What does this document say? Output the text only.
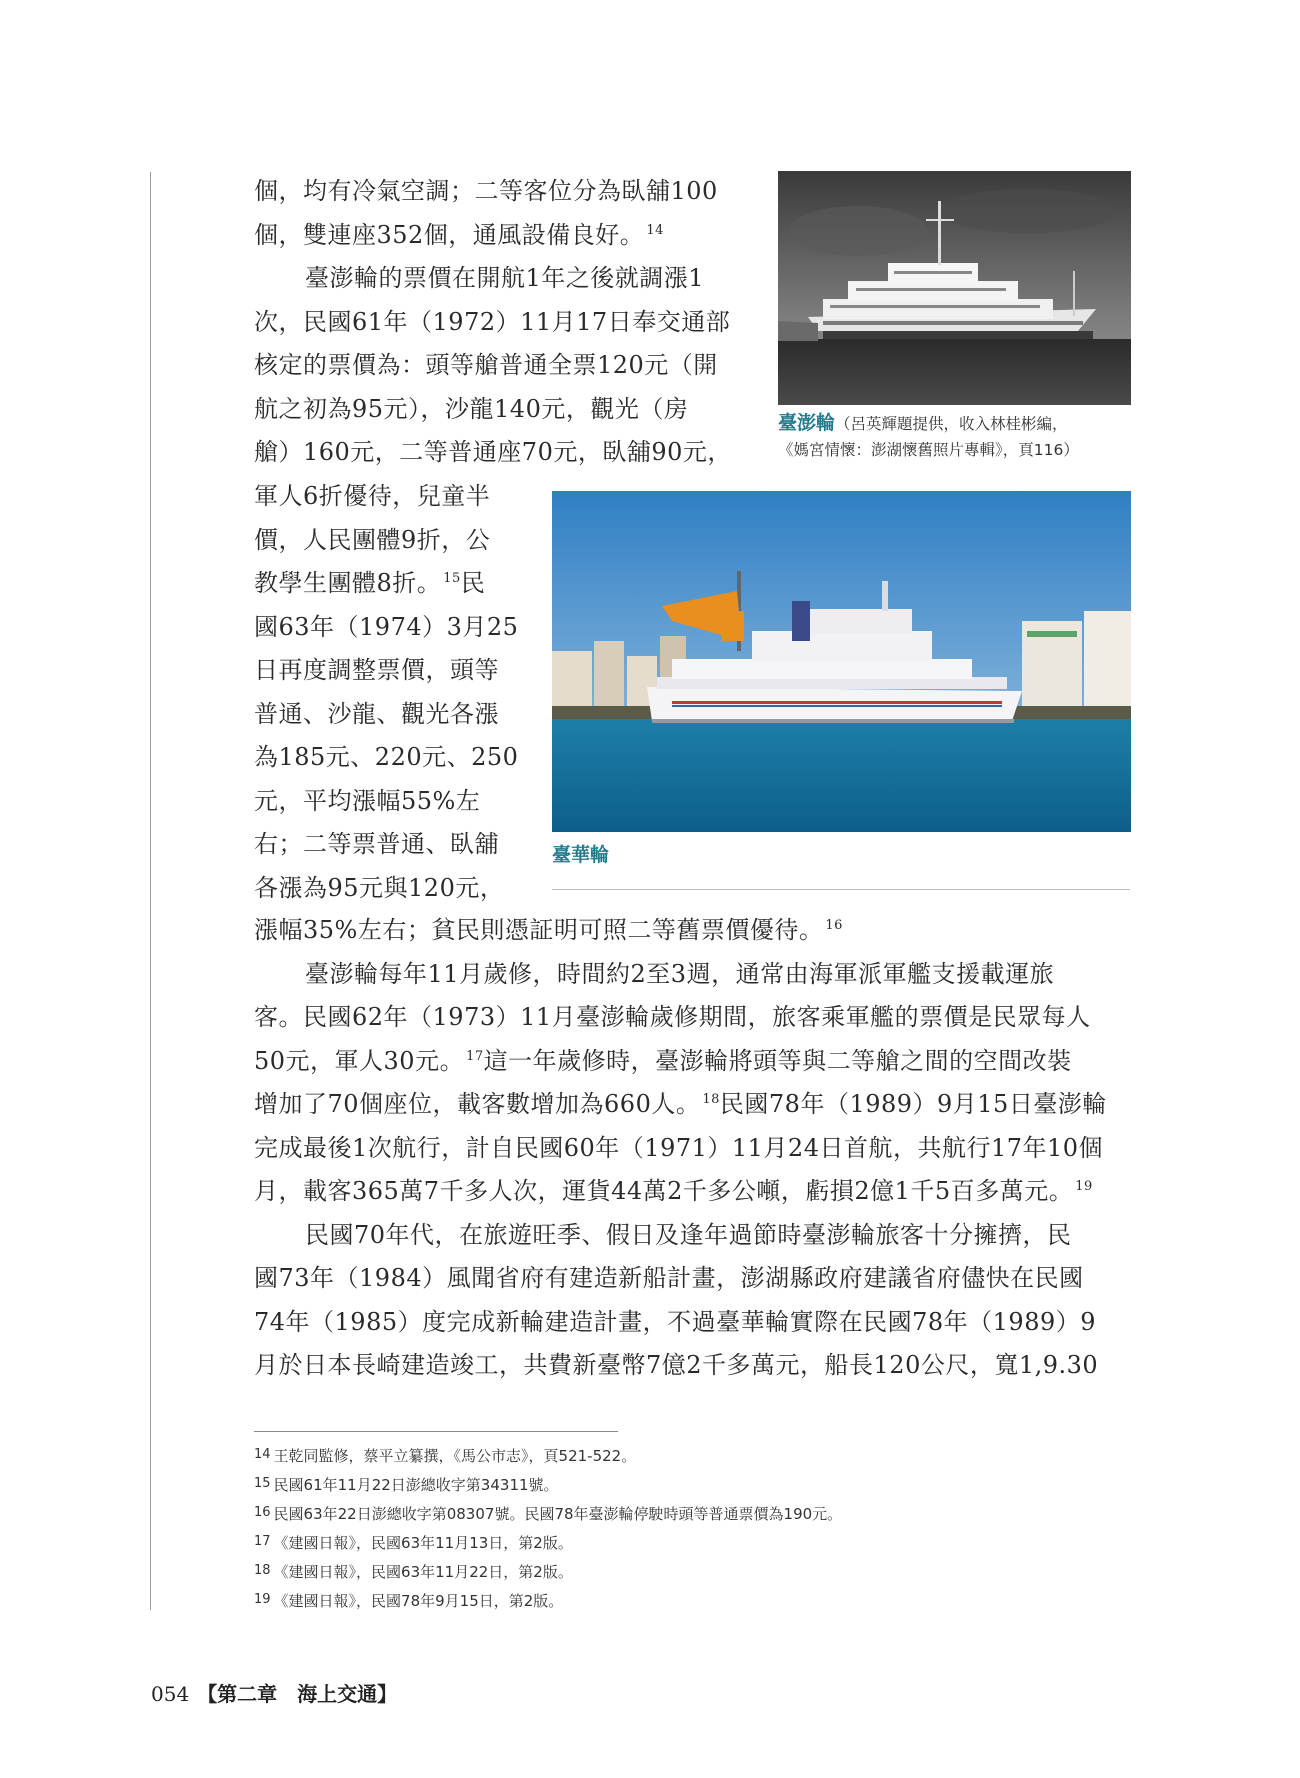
個，均有冷氣空調；二等客位分為臥舖100

個，雙連座352個，通風設備良好。 $^{14}$

臺澎輪的票價在開航1年之後就調漲1

次，民國61年（1972）11月17日奉交通部

核定的票價為：頭等艙普通全票120元（開

航之初為95元），沙龍140元，觀光（房

艙）160元，二等普通座70元，臥舖90元，

臺澎輪（呂英輝題提供，收入林桂彬編，
《媽宮情懷：澎湖懷舊照片專輯》，頁116）

軍人6折優待，兒童半

價，人民團體9折，公

教學生團體8折。 $^{15}$民

國63年（1974）3月25

日再度調整票價，頭等

普通、沙龍、觀光各漲

為185元、220元、250

元，平均漲幅55%左

右；二等票普通、臥舖

各漲為95元與120元，

臺華輪

漲幅35%左右；貧民則憑証明可照二等舊票價優待。 $^{16}$

臺澎輪每年11月歲修，時間約2至3週，通常由海軍派軍艦支援載運旅

客。民國62年（1973）11月臺澎輪歲修期間，旅客乘軍艦的票價是民眾每人

50元，軍人30元。 $^{17}$這一年歲修時，臺澎輪將頭等與二等艙之間的空間改裝

增加了70個座位，載客數增加為660人。 $^{18}$民國78年（1989）9月15日臺澎輪

完成最後1次航行，計自民國60年（1971）11月24日首航，共航行17年10個

月，載客365萬7千多人次，運貨44萬2千多公噸，虧損2億1千5百多萬元。 $^{19}$

民國70年代，在旅遊旺季、假日及逢年過節時臺澎輪旅客十分擁擠，民

國73年（1984）風聞省府有建造新船計畫，澎湖縣政府建議省府儘快在民國

74年（1985）度完成新輪建造計畫，不過臺華輪實際在民國78年（1989）9

月於日本長崎建造竣工，共費新臺幣7億2千多萬元，船長120公尺，寬1,9.30

14 王乾同監修，蔡平立纂撰，《馬公市志》，頁521-522。
15 民國61年11月22日澎總收字第34311號。
16 民國63年22日澎總收字第08307號。民國78年臺澎輪停駛時頭等普通票價為190元。
17 《建國日報》，民國63年11月13日，第2版。
18 《建國日報》，民國63年11月22日，第2版。
19 《建國日報》，民國78年9月15日，第2版。
054 【第二章　海上交通】
